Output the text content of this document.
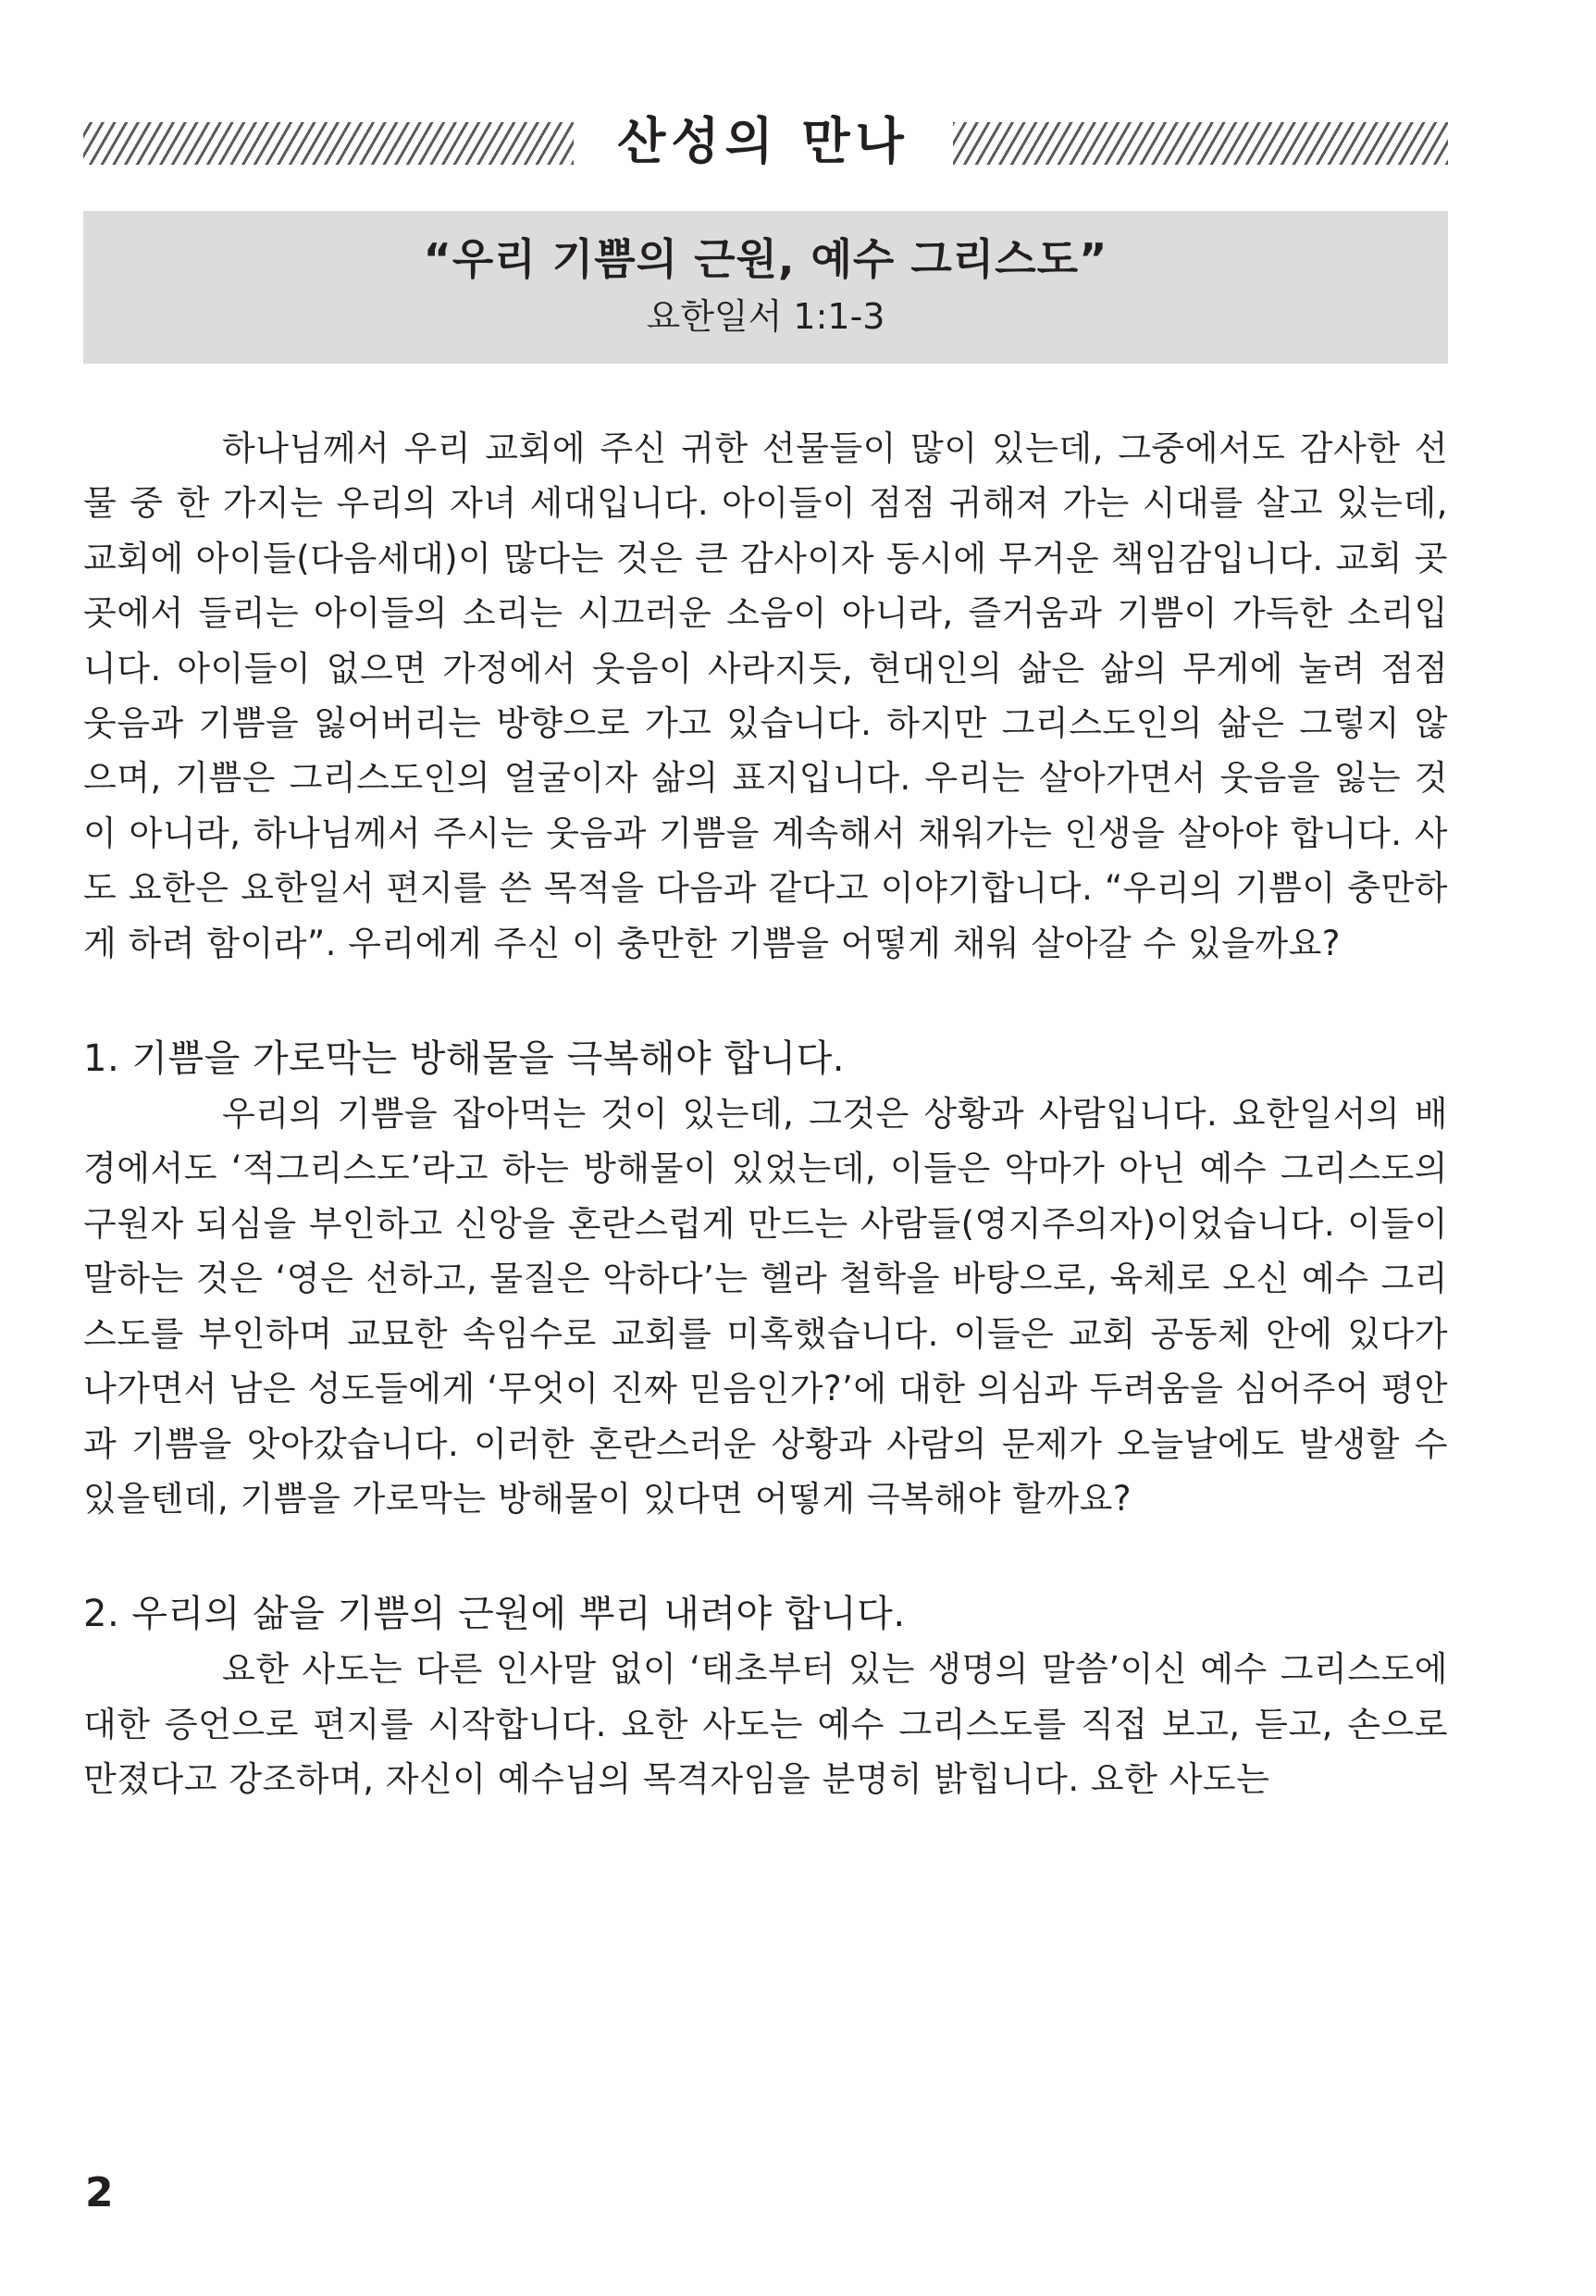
산성의 만나

“우리 기쁨의 근원, 예수 그리스도”

요한일서 1:1-3

하나님께서 우리 교회에 주신 귀한 선물들이 많이 있는데, 그중에서도 감사한 선물 중 한 가지는 우리의 자녀 세대입니다. 아이들이 점점 귀해져 가는 시대를 살고 있는데, 교회에 아이들(다음세대)이 많다는 것은 큰 감사이자 동시에 무거운 책임감입니다. 교회 곳곳에서 들리는 아이들의 소리는 시끄러운 소음이 아니라, 즐거움과 기쁨이 가득한 소리입니다. 아이들이 없으면 가정에서 웃음이 사라지듯, 현대인의 삶은 삶의 무게에 눌려 점점 웃음과 기쁨을 잃어버리는 방향으로 가고 있습니다. 하지만 그리스도인의 삶은 그렇지 않으며, 기쁨은 그리스도인의 얼굴이자 삶의 표지입니다. 우리는 살아가면서 웃음을 잃는 것이 아니라, 하나님께서 주시는 웃음과 기쁨을 계속해서 채워가는 인생을 살아야 합니다. 사도 요한은 요한일서 편지를 쓴 목적을 다음과 같다고 이야기합니다. “우리의 기쁨이 충만하게 하려 함이라”. 우리에게 주신 이 충만한 기쁨을 어떻게 채워 살아갈 수 있을까요?

1. 기쁨을 가로막는 방해물을 극복해야 합니다.

우리의 기쁨을 잡아먹는 것이 있는데, 그것은 상황과 사람입니다. 요한일서의 배경에서도 ‘적그리스도’라고 하는 방해물이 있었는데, 이들은 악마가 아닌 예수 그리스도의 구원자 되심을 부인하고 신앙을 혼란스럽게 만드는 사람들(영지주의자)이었습니다. 이들이 말하는 것은 ‘영은 선하고, 물질은 악하다’는 헬라 철학을 바탕으로, 육체로 오신 예수 그리스도를 부인하며 교묘한 속임수로 교회를 미혹했습니다. 이들은 교회 공동체 안에 있다가 나가면서 남은 성도들에게 ‘무엇이 진짜 믿음인가?’에 대한 의심과 두려움을 심어주어 평안과 기쁨을 앗아갔습니다. 이러한 혼란스러운 상황과 사람의 문제가 오늘날에도 발생할 수 있을텐데, 기쁨을 가로막는 방해물이 있다면 어떻게 극복해야 할까요?

2. 우리의 삶을 기쁨의 근원에 뿌리 내려야 합니다.

요한 사도는 다른 인사말 없이 ‘태초부터 있는 생명의 말씀’이신 예수 그리스도에 대한 증언으로 편지를 시작합니다. 요한 사도는 예수 그리스도를 직접 보고, 듣고, 손으로 만졌다고 강조하며, 자신이 예수님의 목격자임을 분명히 밝힙니다. 요한 사도는

2
